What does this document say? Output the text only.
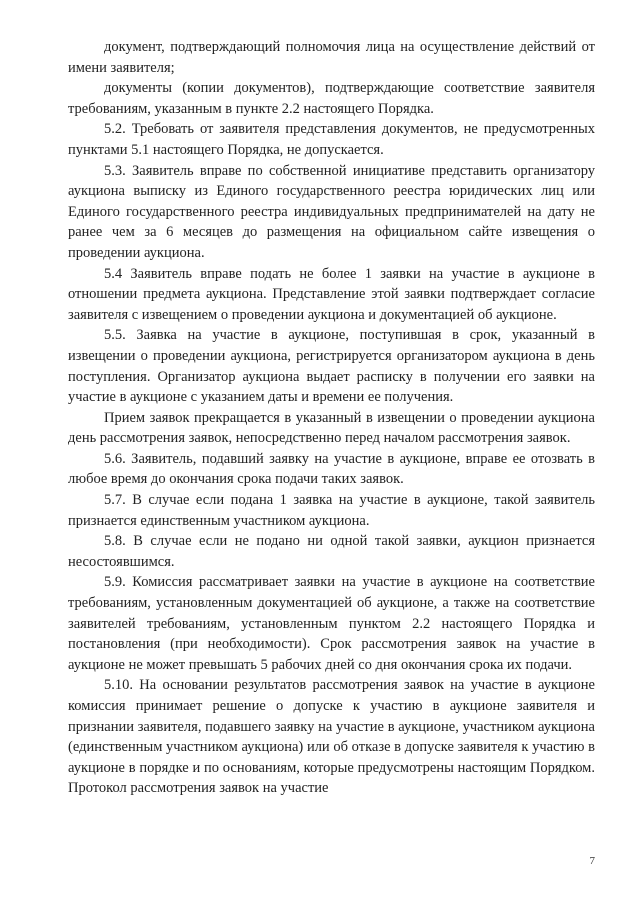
документ, подтверждающий полномочия лица на осуществление действий от имени заявителя;

документы (копии документов), подтверждающие соответствие заявителя требованиям, указанным в пункте 2.2 настоящего Порядка.

5.2. Требовать от заявителя представления документов, не предусмотренных пунктами 5.1 настоящего Порядка, не допускается.

5.3. Заявитель вправе по собственной инициативе представить организатору аукциона выписку из Единого государственного реестра юридических лиц или Единого государственного реестра индивидуальных предпринимателей на дату не ранее чем за 6 месяцев до размещения на официальном сайте извещения о проведении аукциона.

5.4 Заявитель вправе подать не более 1 заявки на участие в аукционе в отношении предмета аукциона. Представление этой заявки подтверждает согласие заявителя с извещением о проведении аукциона и документацией об аукционе.

5.5. Заявка на участие в аукционе, поступившая в срок, указанный в извещении о проведении аукциона, регистрируется организатором аукциона в день поступления. Организатор аукциона выдает расписку в получении его заявки на участие в аукционе с указанием даты и времени ее получения.

Прием заявок прекращается в указанный в извещении о проведении аукциона день рассмотрения заявок, непосредственно перед началом рассмотрения заявок.

5.6. Заявитель, подавший заявку на участие в аукционе, вправе ее отозвать в любое время до окончания срока подачи таких заявок.

5.7. В случае если подана 1 заявка на участие в аукционе, такой заявитель признается единственным участником аукциона.

5.8. В случае если не подано ни одной такой заявки, аукцион признается несостоявшимся.

5.9. Комиссия рассматривает заявки на участие в аукционе на соответствие требованиям, установленным документацией об аукционе, а также на соответствие заявителей требованиям, установленным пунктом 2.2 настоящего Порядка и постановления (при необходимости). Срок рассмотрения заявок на участие в аукционе не может превышать 5 рабочих дней со дня окончания срока их подачи.

5.10. На основании результатов рассмотрения заявок на участие в аукционе комиссия принимает решение о допуске к участию в аукционе заявителя и признании заявителя, подавшего заявку на участие в аукционе, участником аукциона (единственным участником аукциона) или об отказе в допуске заявителя к участию в аукционе в порядке и по основаниям, которые предусмотрены настоящим Порядком. Протокол рассмотрения заявок на участие

7
